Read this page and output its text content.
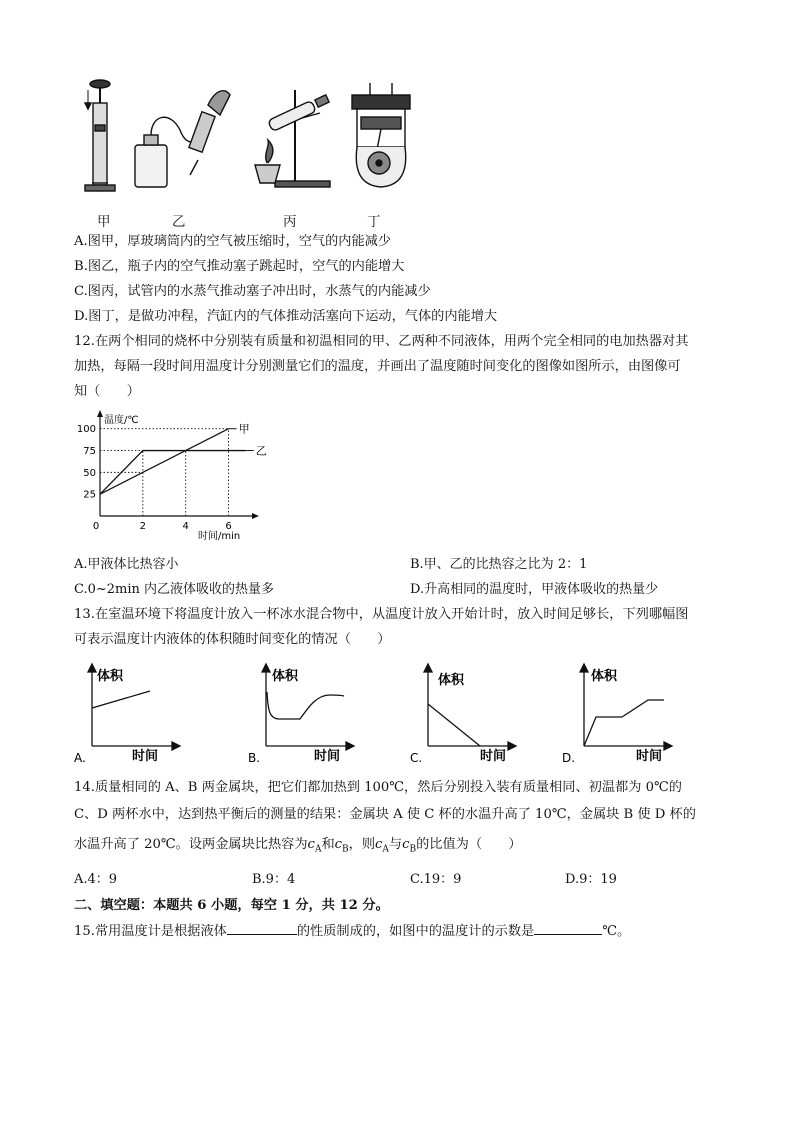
甲	乙	丙	丁
A.图甲，厚玻璃筒内的空气被压缩时，空气的内能减少
B.图乙，瓶子内的空气推动塞子跳起时，空气的内能增大
C.图丙，试管内的水蒸气推动塞子冲出时，水蒸气的内能减少
D.图丁，是做功冲程，汽缸内的气体推动活塞向下运动，气体的内能增大
12.在两个相同的烧杯中分别装有质量和初温相同的甲、乙两种不同液体，用两个完全相同的电加热器对其
加热，每隔一段时间用温度计分别测量它们的温度，并画出了温度随时间变化的图像如图所示，由图像可
知（　　）
25
50
75
100
0	2	4	6
甲
乙
温度/℃
时间/min
A.甲液体比热容小	B.甲、乙的比热容之比为 2：1
C.0~2min 内乙液体吸收的热量多	D.升高相同的温度时，甲液体吸收的热量少
13.在室温环境下将温度计放入一杯冰水混合物中，从温度计放入开始计时，放入时间足够长，下列哪幅图
可表示温度计内液体的体积随时间变化的情况（　　）
体积
时间
A.
体积
时间
B.
体积
时间
C.
体积
时间
D.
14.质量相同的 A、B 两金属块，把它们都加热到 100℃，然后分别投入装有质量相同、初温都为 0℃的
C、D 两杯水中，达到热平衡后的测量的结果：金属块 A 使 C 杯的水温升高了 10℃，金属块 B 使 D 杯的
水温升高了 20℃。设两金属块比热容为$c_A$和$c_B$，则$c_A$与$c_B$的比值为（　　）
A.4：9	B.9：4	C.19：9	D.9：19
二、填空题：本题共 6 小题，每空 1 分，共 12 分。
15.常用温度计是根据液体	的性质制成的，如图中的温度计的示数是	℃。
